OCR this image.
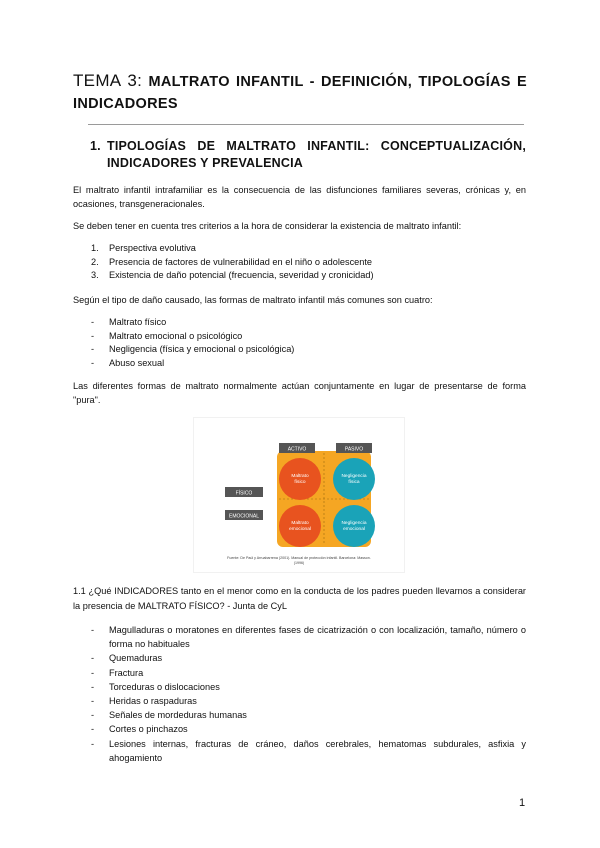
TEMA 3: MALTRATO INFANTIL - DEFINICIÓN, TIPOLOGÍAS E INDICADORES
1. TIPOLOGÍAS DE MALTRATO INFANTIL: CONCEPTUALIZACIÓN, INDICADORES Y PREVALENCIA
El maltrato infantil intrafamiliar es la consecuencia de las disfunciones familiares severas, crónicas y, en ocasiones, transgeneracionales.
Se deben tener en cuenta tres criterios a la hora de considerar la existencia de maltrato infantil:
1. Perspectiva evolutiva
2. Presencia de factores de vulnerabilidad en el niño o adolescente
3. Existencia de daño potencial (frecuencia, severidad y cronicidad)
Según el tipo de daño causado, las formas de maltrato infantil más comunes son cuatro:
- Maltrato físico
- Maltrato emocional o psicológico
- Negligencia (física y emocional o psicológica)
- Abuso sexual
Las diferentes formas de maltrato normalmente actúan conjuntamente en lugar de presentarse de forma "pura".
ACTIVO	PASIVO
FÍSICO
EMOCIONAL
Maltrato
físico
Negligencia
física
Maltrato
emocional
Negligencia
emocional
Fuente: De Paúl y Arruabarrena (2001). Manual de protección infantil. Barcelona: Masson.
(1996)
1.1 ¿Qué INDICADORES tanto en el menor como en la conducta de los padres pueden llevarnos a considerar la presencia de MALTRATO FÍSICO? - Junta de CyL
- Magulladuras o moratones en diferentes fases de cicatrización o con localización, tamaño, número o forma no habituales
- Quemaduras
- Fractura
- Torceduras o dislocaciones
- Heridas o raspaduras
- Señales de mordeduras humanas
- Cortes o pinchazos
- Lesiones internas, fracturas de cráneo, daños cerebrales, hematomas subdurales, asfixia y ahogamiento
1
